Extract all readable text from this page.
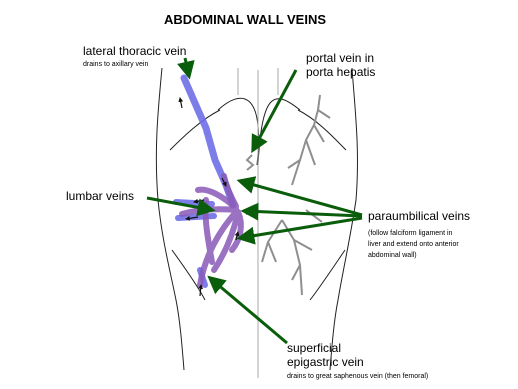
ABDOMINAL WALL VEINS
lateral thoracic vein
drains to axillary vein	portal vein in
porta hepatis
lumbar veins
paraumbilical veins
(follow falciform ligament in
liver and extend onto anterior
abdominal wall)
superficial
epigastric vein
drains to great saphenous vein (then femoral)
